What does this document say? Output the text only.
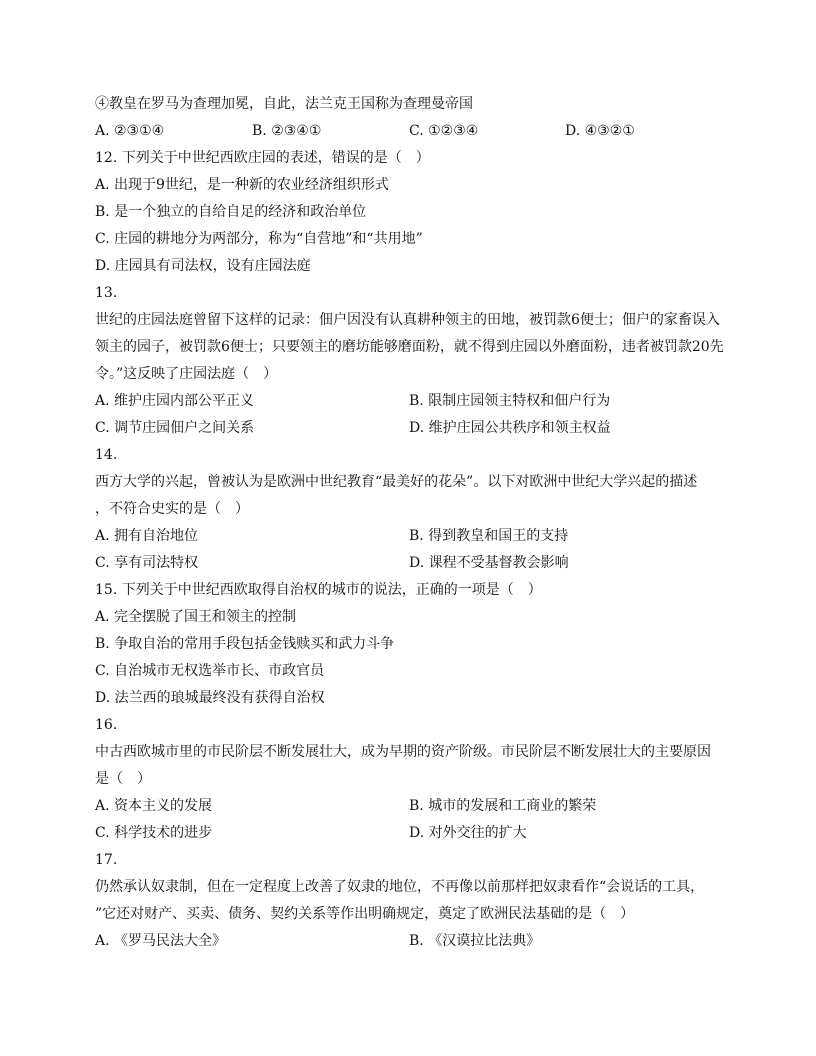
④教皇在罗马为查理加冕，自此，法兰克王国称为查理曼帝国
A. ②③①④	B. ②③④①	C. ①②③④	D. ④③②①
12. 下列关于中世纪西欧庄园的表述，错误的是（　）
A. 出现于9世纪，是一种新的农业经济组织形式
B. 是一个独立的自给自足的经济和政治单位
C. 庄园的耕地分为两部分，称为“自营地”和“共用地”
D. 庄园具有司法权，设有庄园法庭
13.
世纪的庄园法庭曾留下这样的记录：佃户因没有认真耕种领主的田地，被罚款6便士；佃户的家畜误入
领主的园子，被罚款6便士；只要领主的磨坊能够磨面粉，就不得到庄园以外磨面粉，违者被罚款20先
令。”这反映了庄园法庭（　）
A. 维护庄园内部公平正义	B. 限制庄园领主特权和佃户行为
C. 调节庄园佃户之间关系	D. 维护庄园公共秩序和领主权益
14.
西方大学的兴起，曾被认为是欧洲中世纪教育“最美好的花朵”。以下对欧洲中世纪大学兴起的描述
，不符合史实的是（　）
A. 拥有自治地位	B. 得到教皇和国王的支持
C. 享有司法特权	D. 课程不受基督教会影响
15. 下列关于中世纪西欧取得自治权的城市的说法，正确的一项是（　）
A. 完全摆脱了国王和领主的控制
B. 争取自治的常用手段包括金钱赎买和武力斗争
C. 自治城市无权选举市长、市政官员
D. 法兰西的琅城最终没有获得自治权
16.
中古西欧城市里的市民阶层不断发展壮大，成为早期的资产阶级。市民阶层不断发展壮大的主要原因
是（　）
A. 资本主义的发展	B. 城市的发展和工商业的繁荣
C. 科学技术的进步	D. 对外交往的扩大
17.
仍然承认奴隶制，但在一定程度上改善了奴隶的地位，不再像以前那样把奴隶看作“会说话的工具，
”它还对财产、买卖、债务、契约关系等作出明确规定，奠定了欧洲民法基础的是（　）
A. 《罗马民法大全》	B. 《汉谟拉比法典》
